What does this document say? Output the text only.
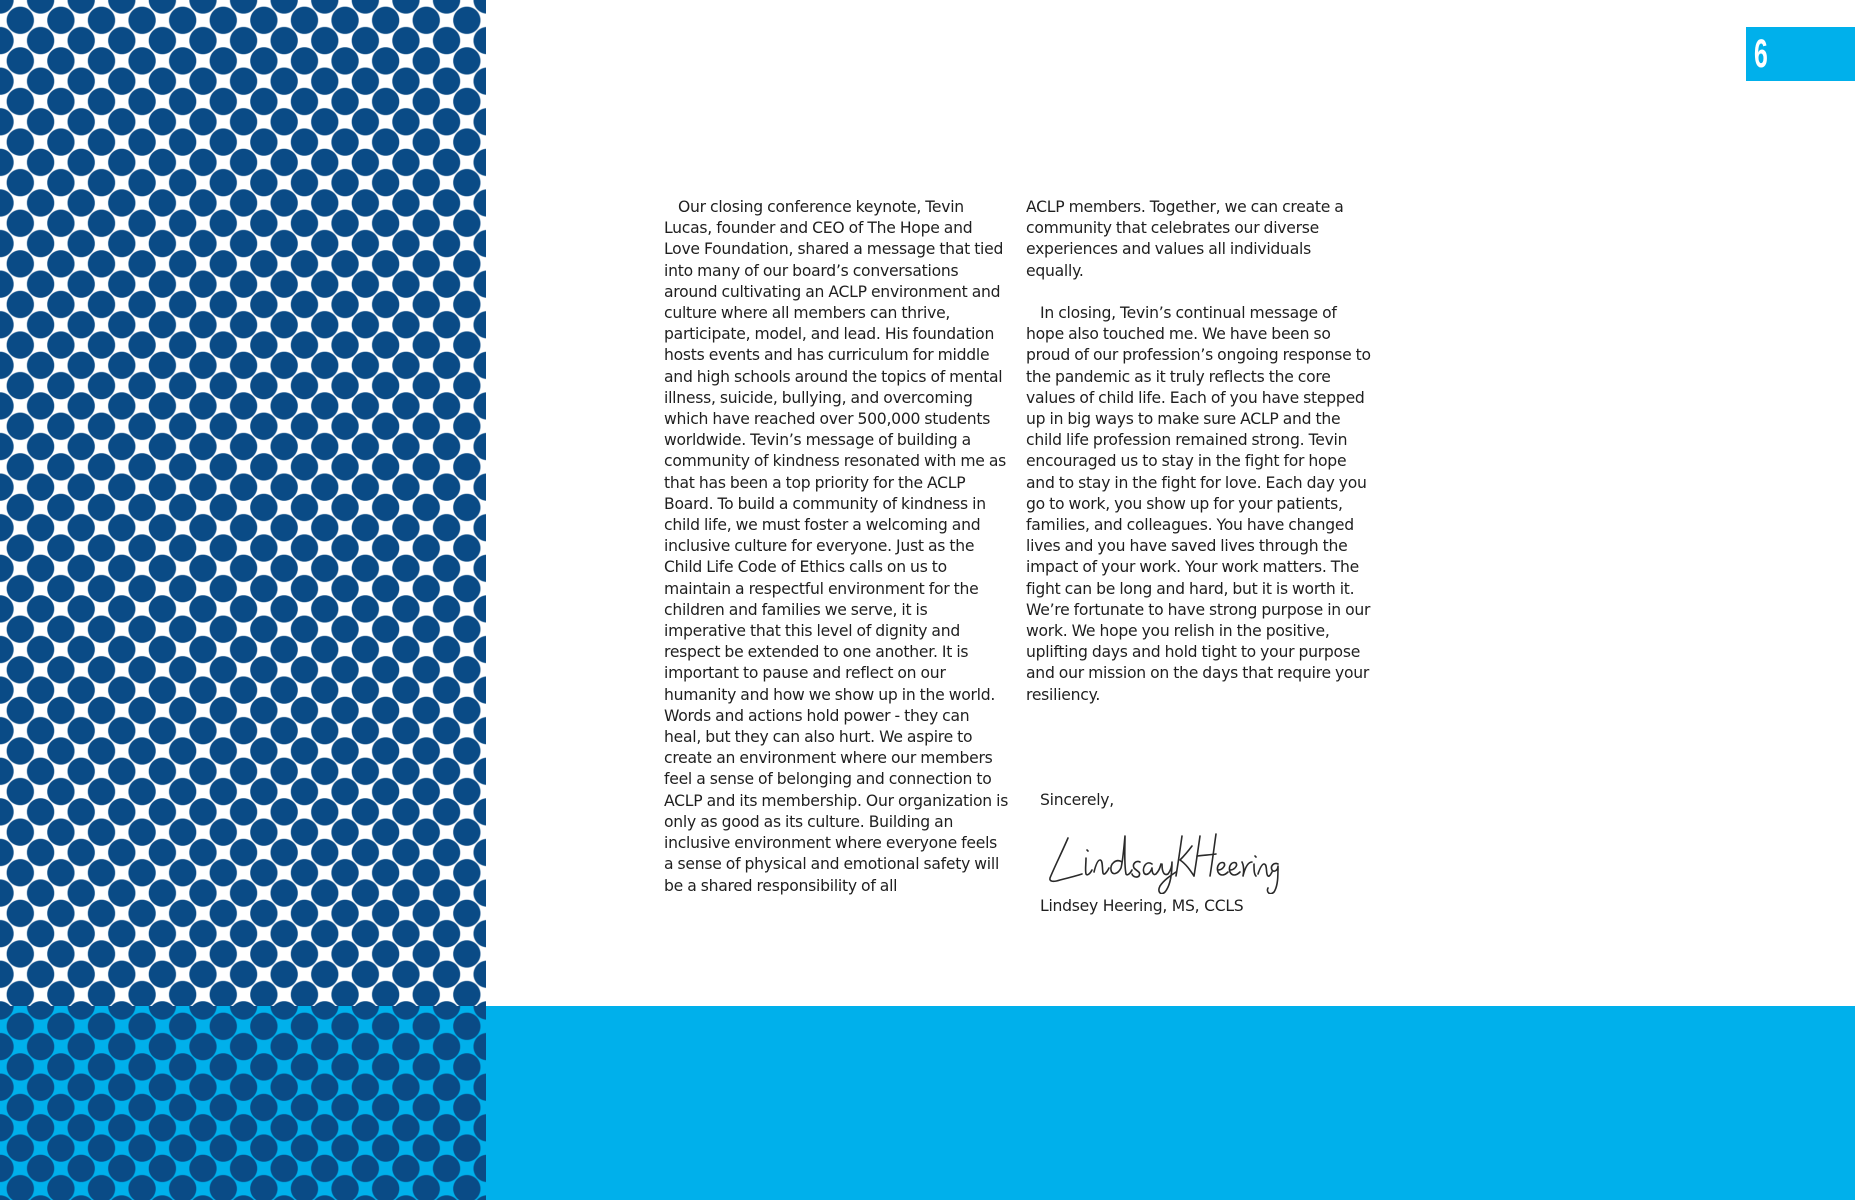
6

Our closing conference keynote, Tevin Lucas, founder and CEO of The Hope and Love Foundation, shared a message that tied into many of our board’s conversations around cultivating an ACLP environment and culture where all members can thrive, participate, model, and lead. His foundation hosts events and has curriculum for middle and high schools around the topics of mental illness, suicide, bullying, and overcoming which have reached over 500,000 students worldwide. Tevin’s message of building a community of kindness resonated with me as that has been a top priority for the ACLP Board. To build a community of kindness in child life, we must foster a welcoming and inclusive culture for everyone. Just as the Child Life Code of Ethics calls on us to maintain a respectful environment for the children and families we serve, it is imperative that this level of dignity and respect be extended to one another. It is important to pause and reflect on our humanity and how we show up in the world. Words and actions hold power - they can heal, but they can also hurt. We aspire to create an environment where our members feel a sense of belonging and connection to ACLP and its membership. Our organization is only as good as its culture. Building an inclusive environment where everyone feels a sense of physical and emotional safety will be a shared responsibility of all

ACLP members. Together, we can create a community that celebrates our diverse experiences and values all individuals equally.

In closing, Tevin’s continual message of hope also touched me. We have been so proud of our profession’s ongoing response to the pandemic as it truly reflects the core values of child life. Each of you have stepped up in big ways to make sure ACLP and the child life profession remained strong. Tevin encouraged us to stay in the fight for hope and to stay in the fight for love. Each day you go to work, you show up for your patients, families, and colleagues. You have changed lives and you have saved lives through the impact of your work. Your work matters. The fight can be long and hard, but it is worth it. We’re fortunate to have strong purpose in our work. We hope you relish in the positive, uplifting days and hold tight to your purpose and our mission on the days that require your resiliency.

Sincerely,
Lindsey Heering, MS, CCLS
